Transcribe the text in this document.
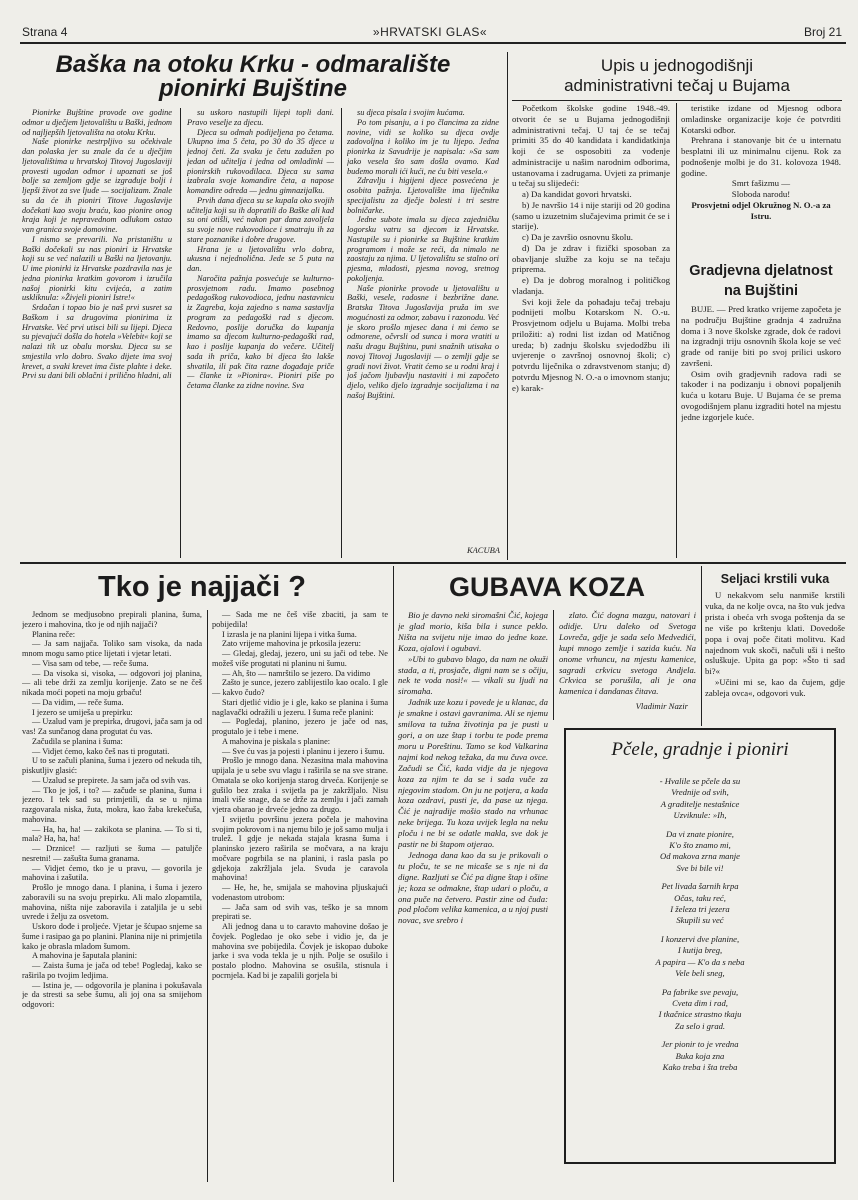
Strana 4	»HRVATSKI GLAS«	Broj 21
Baška na otoku Krku - odmaralište
pionirki Bujštine

Pionirke Bujštine provode ove godine odmor u dječjem ljetovalištu u Baški, jednom od najljepših ljetovališta na otoku Krku.

Naše pionirke nestrpljivo su očekivale dan polaska jer su znale da će u dječjim ljetovalištima u hrvatskoj Titovoj Jugoslaviji provesti ugodan odmor i upoznati se još bolje sa zemljom gdje se izgrađuje bolji i ljepši život za sve ljude — socijalizam. Znale su da će ih pioniri Titove Jugoslavije dočekati kao svoju braću, kao pionire onog kraja koji je nepravednom odlukom ostao van granica svoje domovine.

I nismo se prevarili. Na pristaništu u Baški dočekali su nas pioniri iz Hrvatske koji su se već nalazili u Baški na ljetovanju. U ime pionirki iz Hrvatske pozdravila nas je jedna pionirka kratkim govorom i izručila našoj pionirki kitu cvijeća, a zatim uskliknula: »Živjeli pioniri Istre!«

Srdačan i topao bio je naš prvi susret sa Baškom i sa drugovima pionirima iz Hrvatske. Već prvi utisci bili su lijepi. Djeca su pjevajući došla do hotela »Velebit« koji se nalazi tik uz obalu morsku. Djeca su se smjestila vrlo dobro. Svako dijete ima svoj krevet, a svaki krevet ima čiste plahte i deke. Prvi su dani bili oblačni i prilično hladni, ali

su uskoro nastupili lijepi topli dani. Pravo veselje za djecu.

Djeca su odmah podijeljena po četama. Ukupno ima 5 četa, po 30 do 35 djece u jednoj četi. Za svaku je četu zadužen po jedan od učitelja i jedna od omladinki — pionirskih rukovodilaca. Djeca su sama izabrala svoje komandire četa, a napose komandire odreda — jednu gimnazijalku.

Prvih dana djeca su se kupala oko svojih učitelja koji su ih dopratili do Baške ali kad su oni otišli, već nakon par dana zavoljela su svoje nove rukovodioce i smatraju ih za stare poznanike i dobre drugove.

Hrana je u ljetovalištu vrlo dobra, ukusna i nejednolična. Jede se 5 puta na dan.

Naročita pažnja posvećuje se kulturno-prosvjetnom radu. Imamo posebnog pedagoškog rukovodioca, jednu nastavnicu iz Zagreba, koja zajedno s nama sastavlja program za pedagoški rad s djecom. Redovno, poslije doručka do kupanja imamo sa djecom kulturno-pedagoški rad, kao i poslije kupanja do večere. Učitelj sada ih priča, kako bi djeca što lakše shvatila, ili pak čita razne događaje priče — članke iz »Pionira«. Pioniri piše po četama članke za zidne novine. Sva

su djeca pisala i svojim kućama.

Po tom pisanju, a i po člancima za zidne novine, vidi se koliko su djeca ovdje zadovoljna i koliko im je tu lijepo. Jedna pionirka iz Savudrije je napisala: »Sa sam jako vesela što sam došla ovamo. Kad budemo morali ići kući, ne ću biti vesela.«

Zdravlju i higijeni djece posvećena je osobita pažnja. Ljetovalište ima liječnika specijalistu za dječje bolesti i tri sestre bolničarke.

Jedne subote imala su djeca zajedničku logorsku vatru sa djecom iz Hrvatske. Nastupile su i pionirke sa Bujštine kratkim programom i može se reći, da nimalo ne zaostaju za njima. U ljetovalištu se stalno ori pjesma, mladosti, pjesma novog, sretnog pokoljenja.

Naše pionirke provode u ljetovalištu u Baški, vesele, radosne i bezbrižne dane. Bratska Titova Jugoslavija pruža im sve mogućnosti za odmor, zabavu i razonodu. Već je skoro prošlo mjesec dana i mi ćemo se odmorene, očvrsli od sunca i mora vratiti u našu dragu Bujštinu, puni snažnih utisaka o novoj Titovoj Jugoslaviji — o zemlji gdje se gradi novi život. Vratit ćemo se u rodni kraj i još jačom ljubavlju nastaviti i mi započeto djelo, veliko djelo izgradnje socijalizma i na našoj Bujštini.

KACUBA
Upis u jednogodišnji
administrativni tečaj u Bujama

Početkom školske godine 1948.-49. otvorit će se u Bujama jednogodišnji administrativni tečaj. U taj će se tečaj primiti 35 do 40 kandidata i kandidatkinja koji će se osposobiti za vođenje administracije u našim narodnim odborima, ustanovama i zadrugama. Uvjeti za primanje u tečaj su slijedeći:

a) Da kandidat govori hrvatski.

b) Je navršio 14 i nije stariji od 20 godina (samo u izuzetnim slučajevima primit će se i starije).

c) Da je završio osnovnu školu.

d) Da je zdrav i fizički sposoban za obavljanje službe za koju se na tečaju priprema.

e) Da je dobrog moralnog i političkog vladanja.

Svi koji žele da pohađaju tečaj trebaju podnijeti molbu Kotarskom N. O.-u. Prosvjetnom odjelu u Bujama. Molbi treba priložiti: a) rodni list izdan od Matičnog ureda; b) zadnju školsku svjedodžbu ili uvjerenje o završnoj osnovnoj školi; c) potvrdu liječnika o zdravstvenom stanju; d) potvrdu Mjesnog N. O.-a o imovnom stanju; e) karak-

teristike izdane od Mjesnog odbora omladinske organizacije koje će potvrditi Kotarski odbor.

Prehrana i stanovanje bit će u internatu besplatni ili uz minimalnu cijenu. Rok za podnošenje molbi je do 31. kolovoza 1948. godine.

Smrt fašizmu —
Sloboda narodu!
Prosvjetni odjel Okružnog N. O.-a za Istru.
Gradjevna djelatnost
na Bujštini

BUJE. — Pred kratko vrijeme započeta je na području Bujštine gradnja 4 zadružna doma i 3 nove školske zgrade, dok će radovi na izgradnji triju osnovnih škola koje se već grade od ranije biti po svoj prilici uskoro završeni.

Osim ovih gradjevnih radova radi se također i na podizanju i obnovi popaljenih kuća u kotaru Buje. U Bujama će se prema ovogodišnjem planu izgraditi hotel na mjestu jedne izgorjele kuće.

Tko je najjači ?

Jednom se medjusobno prepirali planina, šuma, jezero i mahovina, tko je od njih najjači?

Planina reče:

— Ja sam najjača. Toliko sam visoka, da nada mnom mogu samo ptice lijetati i vjetar letati.

— Visa sam od tebe, — reče šuma.

— Da visoka si, visoka, — odgovori joj planina, — ali tebe drži za zemlju korijenje. Zato se ne češ nikada moći popeti na moju grbaču!

— Da vidim, — reče šuma.

I jezero se umiješa u prepirku:

— Uzalud vam je prepirka, drugovi, jača sam ja od vas! Za sunčanog dana progutat ću vas.

Začudila se planina i šuma:

— Vidjet ćemo, kako češ nas ti progutati.

U to se začuli planina, šuma i jezero od nekuda tih, piskutljiv glasić:

— Uzalud se prepirete. Ja sam jača od svih vas.

— Tko je još, i to? — začude se planina, šuma i jezero. I tek sad su primjetili, da se u njima razgovarala niska, žuta, mokra, kao žaba krekečuša, mahovina.

— Ha, ha, ha! — zakikota se planina. — To si ti, mala? Ha, ha, ha!

— Drznice! — razljuti se šuma — patuljče nesretni! — zašušta šuma granama.

— Vidjet ćemo, tko je u pravu, — govorila je mahovina i zašutila.

Prošlo je mnogo dana. I planina, i šuma i jezero zaboravili su na svoju prepirku. Ali malo zlopamtila, mahovina, ništa nije zaboravila i zataljila je u sebi uvrede i želju za osvetom.

Uskoro dođe i proljeće. Vjetar je šćupao snjeme sa šume i rasipao ga po planini. Planina nije ni primjetila kako je obrasla mladom šumom.

A mahovina je šaputala planini:

— Zaista šuma je jača od tebe! Pogledaj, kako se raširila po tvojim ledjima.

— Istina je, — odgovorila je planina i pokušavala je da stresti sa sebe šumu, ali joj ona sa smijehom odgovori:

— Sada me ne češ više zbaciti, ja sam te pobijedila!

I izrasla je na planini lijepa i vitka šuma.

Zato vrijeme mahovina je prkosila jezeru:

— Gledaj, gledaj, jezero, uni su jači od tebe. Ne možeš više progutati ni planinu ni šumu.

— Ah, što — namrštilo se jezero. Da vidimo

Zašto je sunce, jezero zablijestilo kao ocalo. I gle — kakvo čudo?

Stari djetlić vidio je i gle, kako se planina i šuma naglavački odražili u jezeru. I šuma reče planini:

— Pogledaj, planino, jezero je jače od nas, progutalo je i tebe i mene.

A mahovina je piskala s planine:

— Sve ću vas ja pojesti i planinu i jezero i šumu.

Prošlo je mnogo dana. Nezasitna mala mahovina upijala je u sebe svu vlagu i raširila se na sve strane. Omatala se oko korijenja starog drveća. Korijenje se gušilo bez zraka i svijetla pa je zakržljalo. Nisu imali više snage, da se drže za zemlju i jači zamah vjetra obarao je drveće jedno za drugo.

I svijetlu površinu jezera počela je mahovina svojim pokrovom i na njemu bilo je još samo mulja i trulež. I gdje je nekada stajala krasna šuma i planinsko jezero raširila se močvara, a na kraju močvare pogrbila se na planini, i rasla pasla po gdjekoja zakržljala jela. Svuda je caravola mahovina!

— He, he, he, smijala se mahovina pljuskajući vodenastom utrobom:

— Jača sam od svih vas, teško je sa mnom prepirati se.

Ali jednog dana u to caravto mahovine došao je čovjek. Pogledao je oko sebe i vidio je, da je mahovina sve pobijedila. Čovjek je iskopao duboke jarke i sva voda tekla je u njih. Polje se osušilo i postalo plodno. Mahovina se osušila, stisnula i pocrnjela. Kad bi je zapalili gorjela bi

GUBAVA KOZA

Bio je davno neki siromašni Čić, kojega je glad morio, kiša bila i sunce peklo. Ništa na svijetu nije imao do jedne koze. Koza, ojalovi i ogubavi.

»Ubi to gubavo blago, da nam ne okuži stada, a ti, prosjače, digni nam se s očiju, nek te voda nosi!« — vikali su ljudi na siromaha.

Jadnik uze kozu i povede je u klanac, da je smakne i ostavi gavranima. Ali se njemu smilova ta tužna životinja pa je pusti u gori, a on uze štap i torbu te pođe prema moru u Poreštinu. Tamo se kod Valkarina najmi kod nekog težaka, da mu čuva ovce. Začudi se Čić, kada vidje da je njegova koza za njim te da se i sada vuče za njegovim stadom. On ju ne potjera, a kada koza ozdravi, pusti je, da pase uz njega. Čić je najradije mošio stado na vrhunac neke brijega. Tu koza uvijek legla na neku ploču i ne bi se odatle makla, sve dok je pastir ne bi štapom otjerao.

Jednoga dana kao da su je prikovali o tu ploču, te se ne micaše se s nje ni da digne. Razljuti se Čić pa digne štap i ošine je; koza se odmakne, štap udari o ploču, a ona puče na četvero. Pastir zine od čuda: pod pločom velika kamenica, a u njoj pusti novac, sve srebro i

zlato. Čić dogna mazgu, natovari i odidje. Uru daleko od Svetoga Lovreča, gdje je sada selo Medvedići, kupi mnogo zemlje i sazida kuću. Na onome vrhuncu, na mjestu kamenice, sagradi crkvicu svetoga Andjela. Crkvica se porušila, ali je ona kamenica i dandanas čitava.

Vladimir Nazir
Seljaci krstili vuka

U nekakvom selu nanmiše krstili vuka, da ne kolje ovca, na što vuk jedva prista i obeća vrh svoga poštenja da se ne više po krštenju klati. Dovedoše popa i ovaj poče čitati molitvu. Kad najednom vuk skoči, načuli uši i nešto osluškuje. Upita ga pop: »Što ti sad bi?«

»Učini mi se, kao da čujem, gdje zableja ovca«, odgovori vuk.

Pčele, gradnje i pioniri
- Hvalile se pčele da su
Vrednije od svih,
A graditelje nestašnice
Uzviknule: »Ih,
Da vi znate pionire,
K'o što znamo mi,
Od makova zrna manje
Sve bi bile vi!
Pet livada šarnih krpa
Očas, taku reć,
I železa tri jezera
Skupili su već
I konzervi dve planine,
I kutija breg,
A papira — K'o da s neba
Vele beli sneg,
Pa fabrike sve pevaju,
Cvetа dim i rad,
I tkačnice strastno tkaju
Za selo i grad.
Jer pionir to je vredna
Buka koja zna
Kako treba i šta treba
